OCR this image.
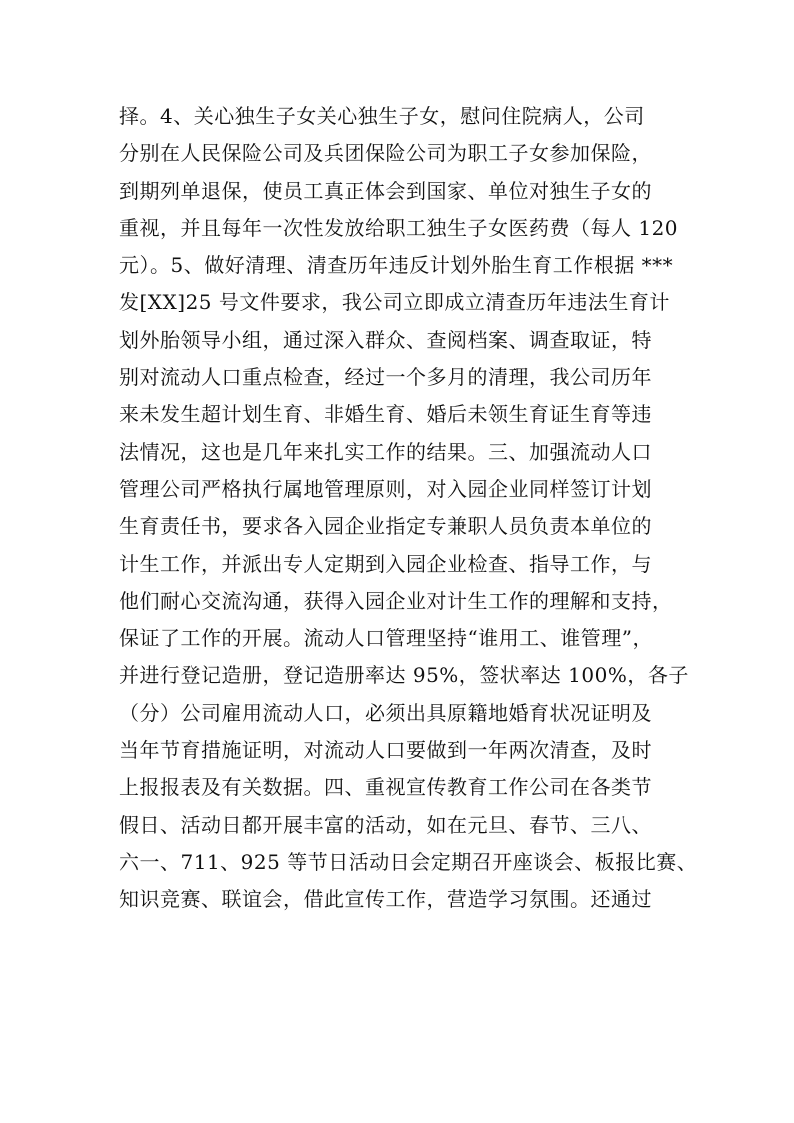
择。4、关心独生子女关心独生子女，慰问住院病人，公司
分别在人民保险公司及兵团保险公司为职工子女参加保险，
到期列单退保，使员工真正体会到国家、单位对独生子女的
重视，并且每年一次性发放给职工独生子女医药费（每人 120
元）。5、做好清理、清查历年违反计划外胎生育工作根据 ***
发[XX]25 号文件要求，我公司立即成立清查历年违法生育计
划外胎领导小组，通过深入群众、查阅档案、调查取证，特
别对流动人口重点检查，经过一个多月的清理，我公司历年
来未发生超计划生育、非婚生育、婚后未领生育证生育等违
法情况，这也是几年来扎实工作的结果。三、加强流动人口
管理公司严格执行属地管理原则，对入园企业同样签订计划
生育责任书，要求各入园企业指定专兼职人员负责本单位的
计生工作，并派出专人定期到入园企业检查、指导工作，与
他们耐心交流沟通，获得入园企业对计生工作的理解和支持，
保证了工作的开展。流动人口管理坚持“谁用工、谁管理”，
并进行登记造册，登记造册率达 95%，签状率达 100%，各子
（分）公司雇用流动人口，必须出具原籍地婚育状况证明及
当年节育措施证明，对流动人口要做到一年两次清查，及时
上报报表及有关数据。四、重视宣传教育工作公司在各类节
假日、活动日都开展丰富的活动，如在元旦、春节、三八、
六一、711、925 等节日活动日会定期召开座谈会、板报比赛、
知识竞赛、联谊会，借此宣传工作，营造学习氛围。还通过
